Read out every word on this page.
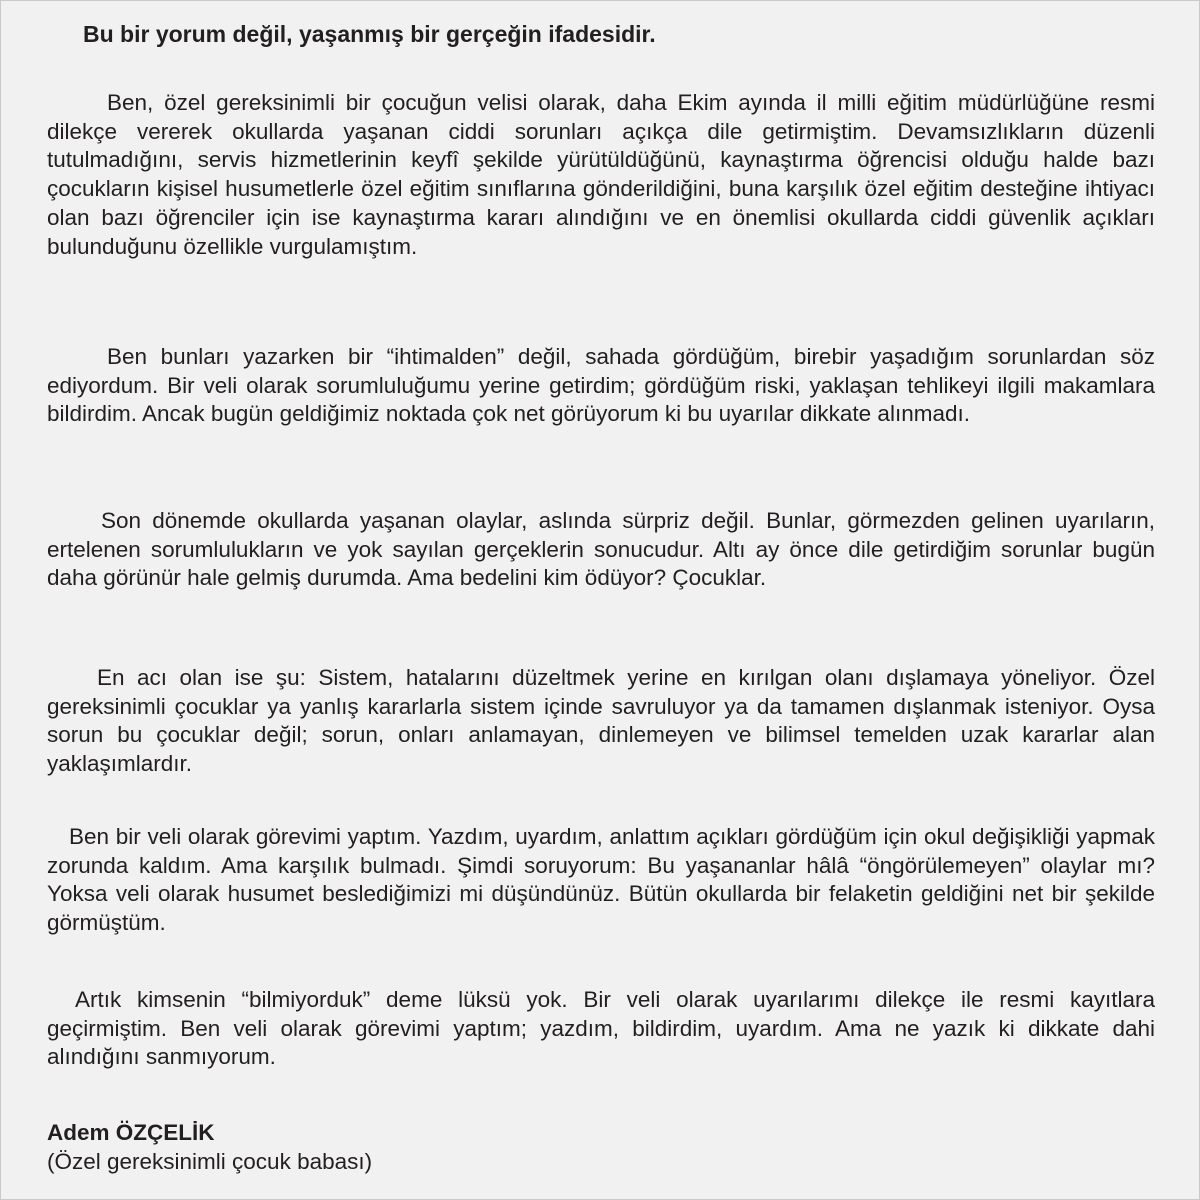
Bu bir yorum değil, yaşanmış bir gerçeğin ifadesidir.

Ben, özel gereksinimli bir çocuğun velisi olarak, daha Ekim ayında il milli eğitim müdürlüğüne resmi dilekçe vererek okullarda yaşanan ciddi sorunları açıkça dile getirmiştim. Devamsızlıkların düzenli tutulmadığını, servis hizmetlerinin keyfî şekilde yürütüldüğünü, kaynaştırma öğrencisi olduğu halde bazı çocukların kişisel husumetlerle özel eğitim sınıflarına gönderildiğini, buna karşılık özel eğitim desteğine ihtiyacı olan bazı öğrenciler için ise kaynaştırma kararı alındığını ve en önemlisi okullarda ciddi güvenlik açıkları bulunduğunu özellikle vurgulamıştım.

Ben bunları yazarken bir “ihtimalden” değil, sahada gördüğüm, birebir yaşadığım sorunlardan söz ediyordum. Bir veli olarak sorumluluğumu yerine getirdim; gördüğüm riski, yaklaşan tehlikeyi ilgili makamlara bildirdim. Ancak bugün geldiğimiz noktada çok net görüyorum ki bu uyarılar dikkate alınmadı.

Son dönemde okullarda yaşanan olaylar, aslında sürpriz değil. Bunlar, görmezden gelinen uyarıların, ertelenen sorumlulukların ve yok sayılan gerçeklerin sonucudur. Altı ay önce dile getirdiğim sorunlar bugün daha görünür hale gelmiş durumda. Ama bedelini kim ödüyor? Çocuklar.

En acı olan ise şu: Sistem, hatalarını düzeltmek yerine en kırılgan olanı dışlamaya yöneliyor. Özel gereksinimli çocuklar ya yanlış kararlarla sistem içinde savruluyor ya da tamamen dışlanmak isteniyor. Oysa sorun bu çocuklar değil; sorun, onları anlamayan, dinlemeyen ve bilimsel temelden uzak kararlar alan yaklaşımlardır.

Ben bir veli olarak görevimi yaptım. Yazdım, uyardım, anlattım açıkları gördüğüm için okul değişikliği yapmak zorunda kaldım. Ama karşılık bulmadı. Şimdi soruyorum: Bu yaşananlar hâlâ “öngörülemeyen” olaylar mı? Yoksa veli olarak husumet beslediğimizi mi düşündünüz. Bütün okullarda bir felaketin geldiğini net bir şekilde görmüştüm.

Artık kimsenin “bilmiyorduk” deme lüksü yok. Bir veli olarak uyarılarımı dilekçe ile resmi kayıtlara geçirmiştim. Ben veli olarak görevimi yaptım; yazdım, bildirdim, uyardım. Ama ne yazık ki dikkate dahi alındığını sanmıyorum.

Adem ÖZÇELİK
(Özel gereksinimli çocuk babası)
